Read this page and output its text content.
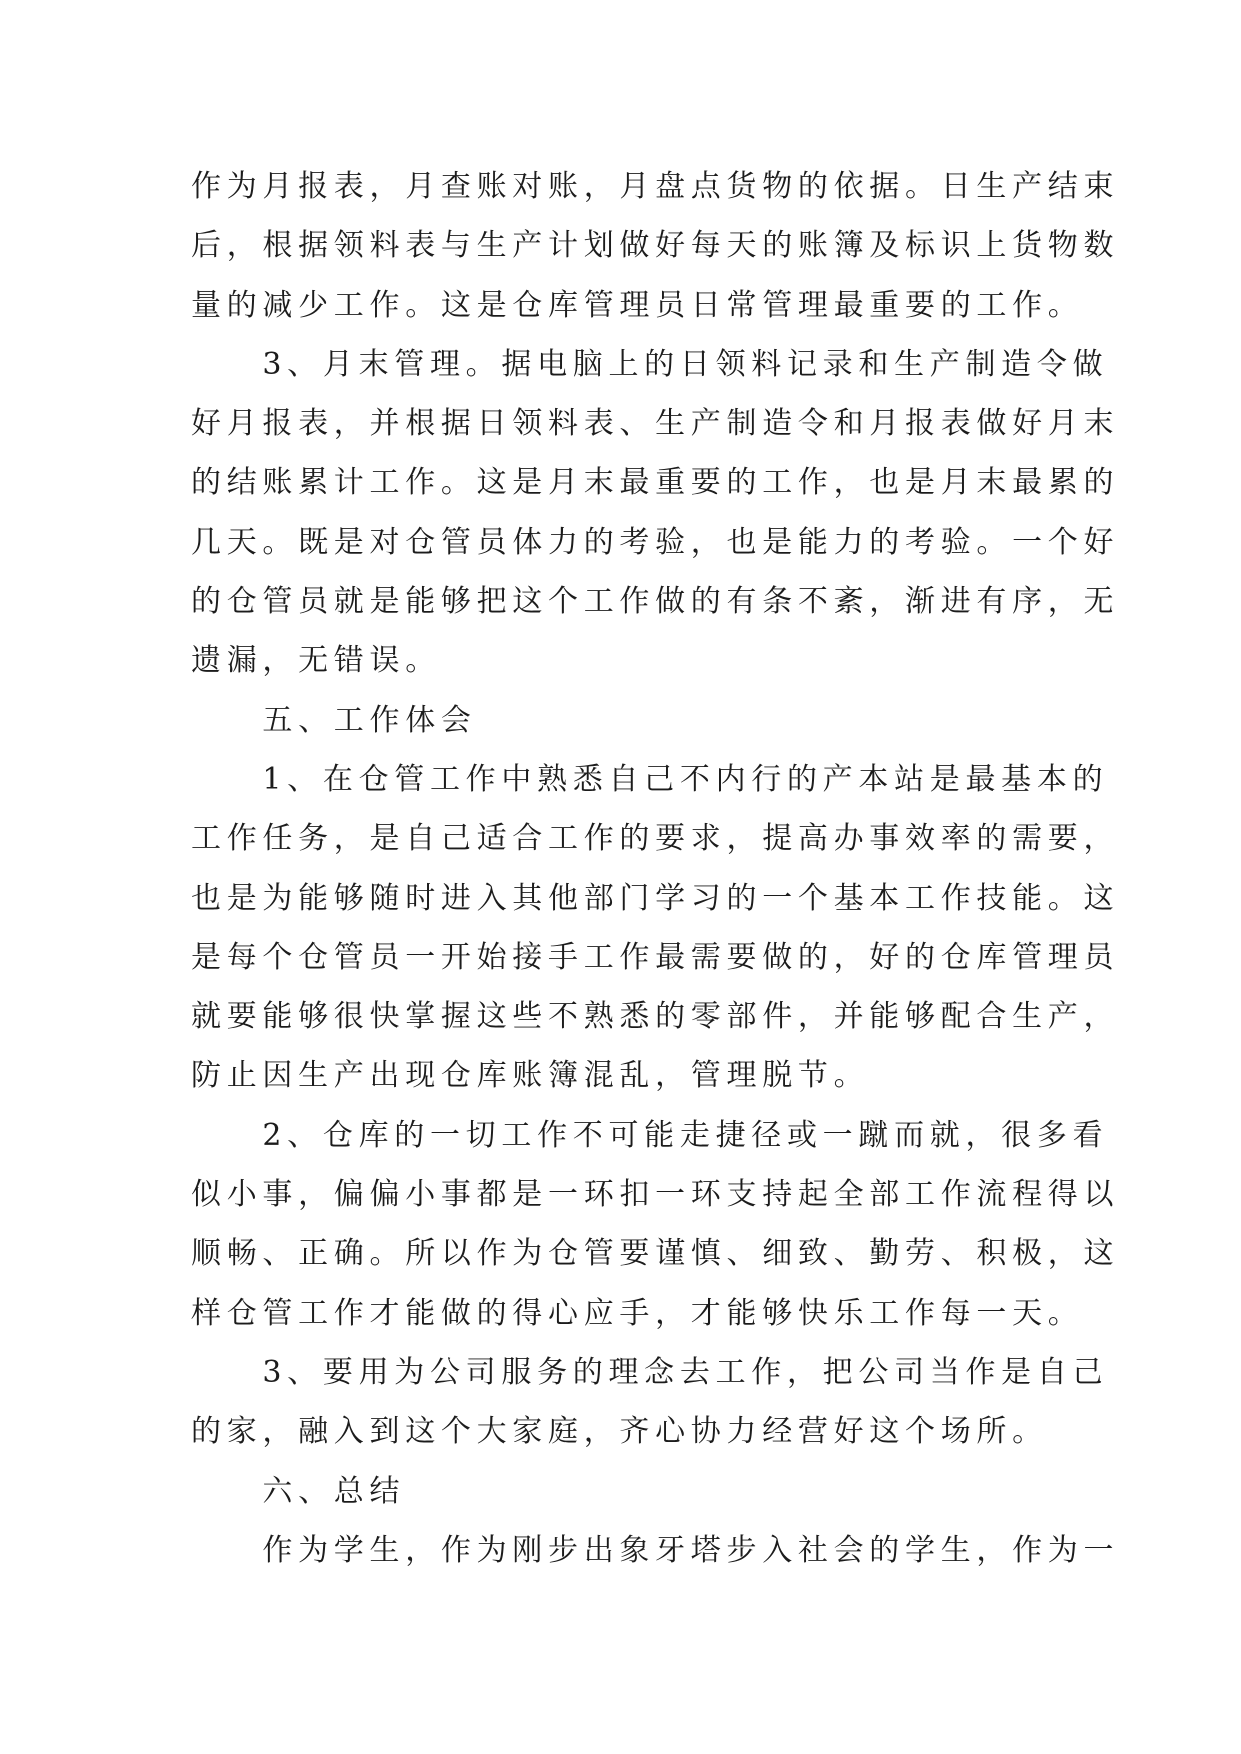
作为月报表，月查账对账，月盘点货物的依据。日生产结束
后，根据领料表与生产计划做好每天的账簿及标识上货物数
量的减少工作。这是仓库管理员日常管理最重要的工作。
　　3、月末管理。据电脑上的日领料记录和生产制造令做
好月报表，并根据日领料表、生产制造令和月报表做好月末
的结账累计工作。这是月末最重要的工作，也是月末最累的
几天。既是对仓管员体力的考验，也是能力的考验。一个好
的仓管员就是能够把这个工作做的有条不紊，渐进有序，无
遗漏，无错误。
　　五、工作体会
　　1、在仓管工作中熟悉自己不内行的产本站是最基本的
工作任务，是自己适合工作的要求，提高办事效率的需要，
也是为能够随时进入其他部门学习的一个基本工作技能。这
是每个仓管员一开始接手工作最需要做的，好的仓库管理员
就要能够很快掌握这些不熟悉的零部件，并能够配合生产，
防止因生产出现仓库账簿混乱，管理脱节。
　　2、仓库的一切工作不可能走捷径或一蹴而就，很多看
似小事，偏偏小事都是一环扣一环支持起全部工作流程得以
顺畅、正确。所以作为仓管要谨慎、细致、勤劳、积极，这
样仓管工作才能做的得心应手，才能够快乐工作每一天。
　　3、要用为公司服务的理念去工作，把公司当作是自己
的家，融入到这个大家庭，齐心协力经营好这个场所。
　　六、总结
　　作为学生，作为刚步出象牙塔步入社会的学生，作为一
